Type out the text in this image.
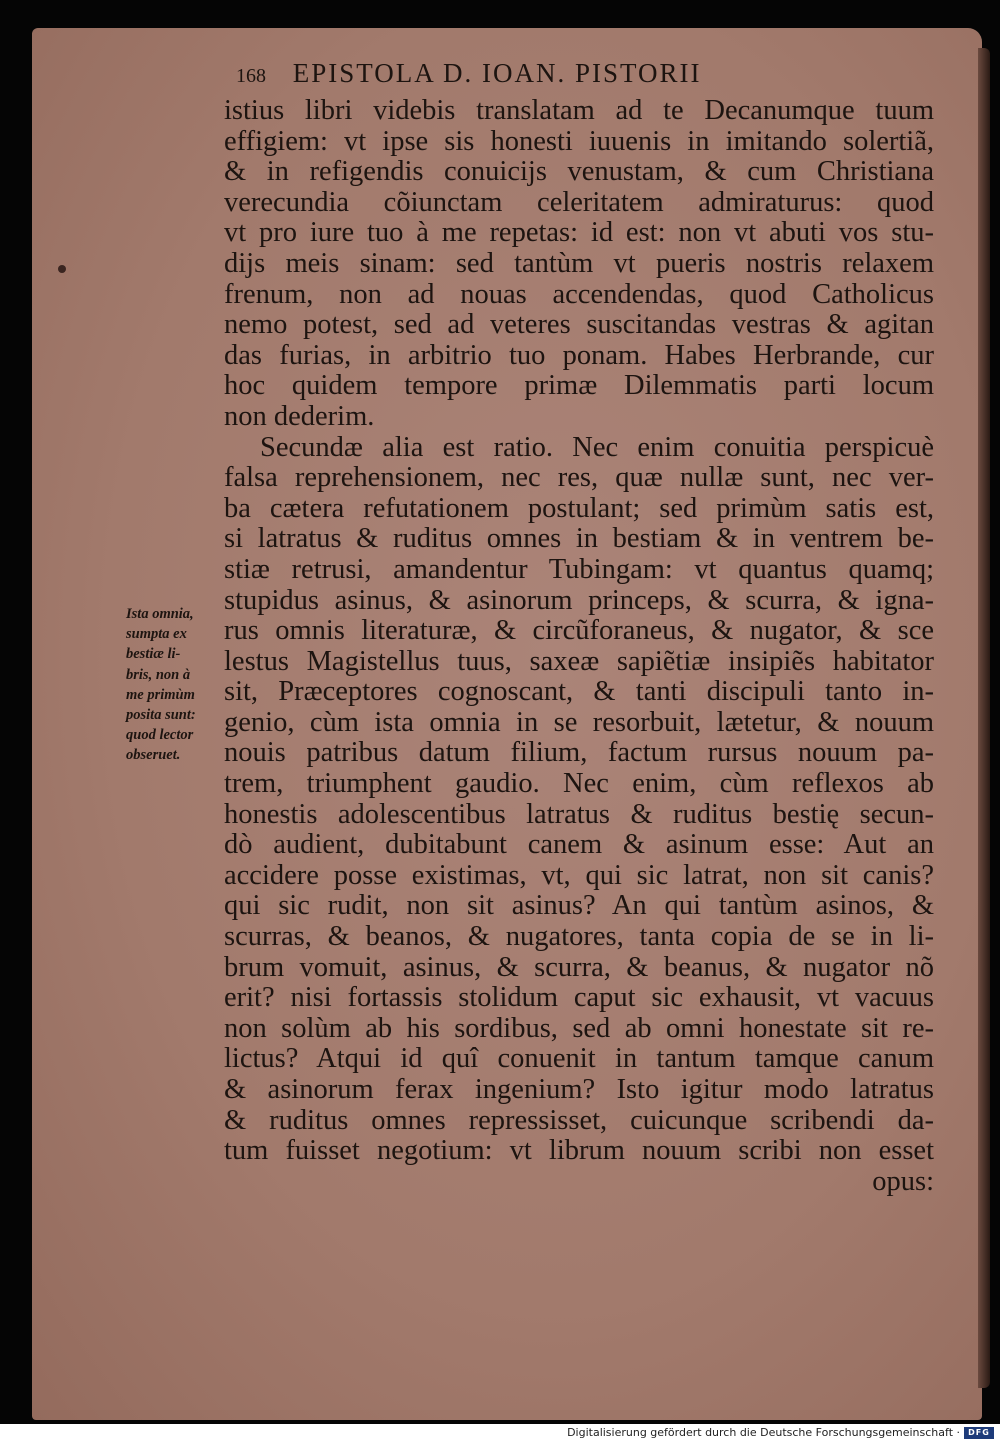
168 EPISTOLA D. IOAN. PISTORII
istius libri videbis translatam ad te Decanumque tuum
effigiem: vt ipse sis honesti iuuenis in imitando solertiã,
& in refigendis conuicijs venustam, & cum Christiana
verecundia cõiunctam celeritatem admiraturus: quod
vt pro iure tuo à me repetas: id est: non vt abuti vos stu-
dijs meis sinam: sed tantùm vt pueris nostris relaxem
frenum, non ad nouas accendendas, quod Catholicus
nemo potest, sed ad veteres suscitandas vestras & agitan
das furias, in arbitrio tuo ponam. Habes Herbrande, cur
hoc quidem tempore primæ Dilemmatis parti locum
non dederim.
Secundæ alia est ratio. Nec enim conuitia perspicuè
falsa reprehensionem, nec res, quæ nullæ sunt, nec ver-
ba cætera refutationem postulant; sed primùm satis est,
si latratus & ruditus omnes in bestiam & in ventrem be-
stiæ retrusi, amandentur Tubingam: vt quantus quamq;
stupidus asinus, & asinorum princeps, & scurra, & igna-
rus omnis literaturæ, & circũforaneus, & nugator, & sce
lestus Magistellus tuus, saxeæ sapiẽtiæ insipiẽs habitator
sit, Præceptores cognoscant, & tanti discipuli tanto in-
genio, cùm ista omnia in se resorbuit, lætetur, & nouum
nouis patribus datum filium, factum rursus nouum pa-
trem, triumphent gaudio. Nec enim, cùm reflexos ab
honestis adolescentibus latratus & ruditus bestię secun-
dò audient, dubitabunt canem & asinum esse: Aut an
accidere posse existimas, vt, qui sic latrat, non sit canis?
qui sic rudit, non sit asinus? An qui tantùm asinos, &
scurras, & beanos, & nugatores, tanta copia de se in li-
brum vomuit, asinus, & scurra, & beanus, & nugator nõ
erit? nisi fortassis stolidum caput sic exhausit, vt vacuus
non solùm ab his sordibus, sed ab omni honestate sit re-
lictus? Atqui id quî conuenit in tantum tamque canum
& asinorum ferax ingenium? Isto igitur modo latratus
& ruditus omnes repressisset, cuicunque scribendi da-
tum fuisset negotium: vt librum nouum scribi non esset
opus:
Ista omnia,
sumpta ex
bestiæ li-
bris, non à
me primùm
posita sunt:
quod lector
obseruet.
Digitalisierung gefördert durch die Deutsche Forschungsgemeinschaft ·	DFG
